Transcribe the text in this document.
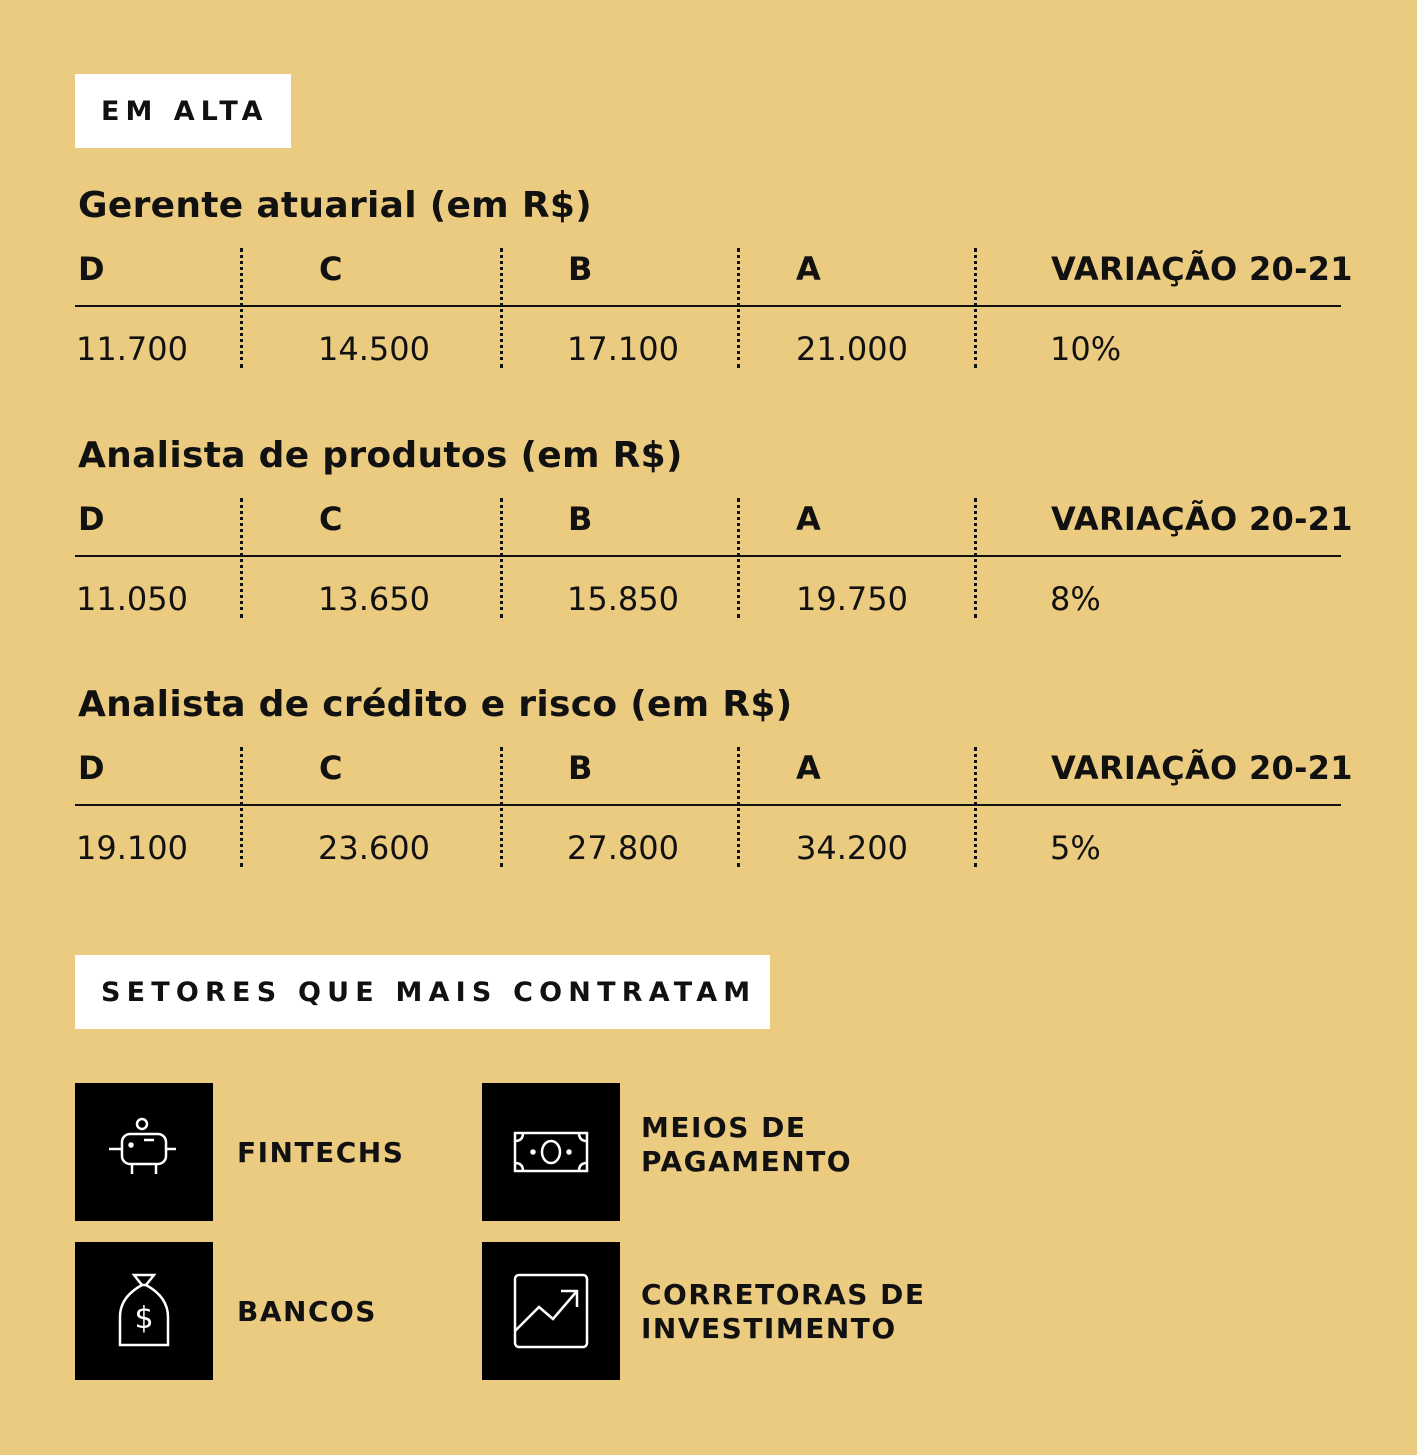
EM ALTA
Gerente atuarial (em R$)
D	C	B	A	VARIAÇÃO 20-21
11.700	14.500	17.100	21.000	10%
Analista de produtos (em R$)
D	C	B	A	VARIAÇÃO 20-21
11.050	13.650	15.850	19.750	8%
Analista de crédito e risco (em R$)
D	C	B	A	VARIAÇÃO 20-21
19.100	23.600	27.800	34.200	5%
SETORES QUE MAIS CONTRATAM
FINTECHS
MEIOS DE
PAGAMENTO
$	BANCOS
CORRETORAS DE
INVESTIMENTO
